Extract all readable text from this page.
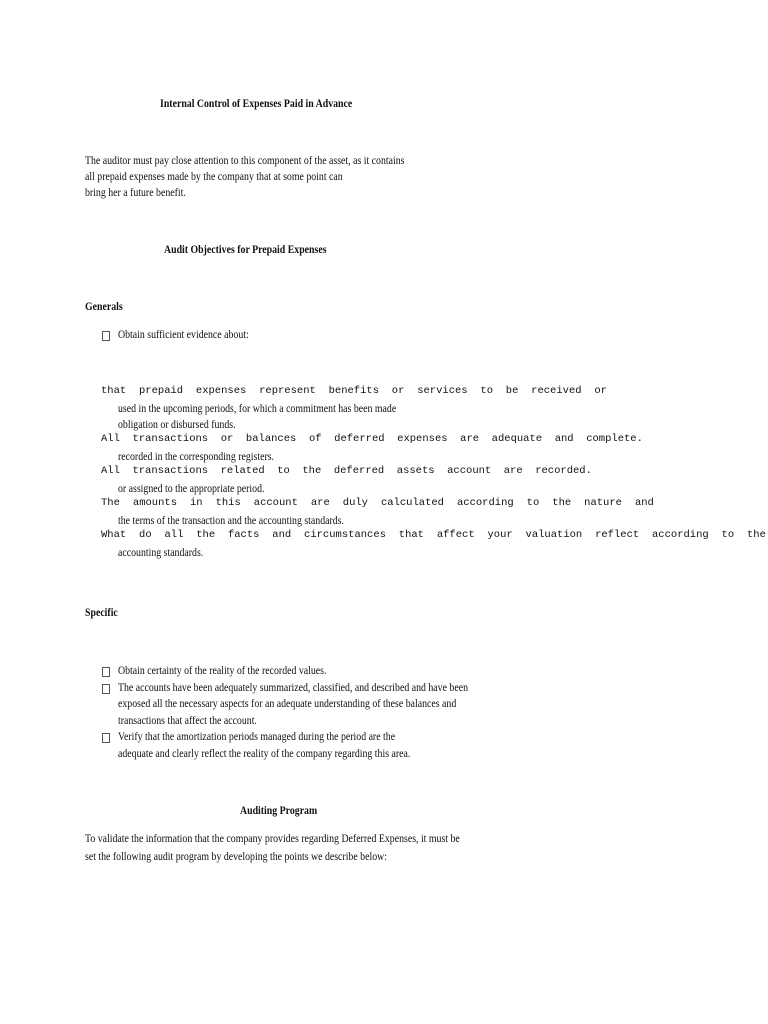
Internal Control of Expenses Paid in Advance
The auditor must pay close attention to this component of the asset, as it contains
all prepaid expenses made by the company that at some point can
bring her a future benefit.
Audit Objectives for Prepaid Expenses
Generals
Obtain sufficient evidence about:
that prepaid expenses represent benefits or services to be received or
used in the upcoming periods, for which a commitment has been made
obligation or disbursed funds.
All transactions or balances of deferred expenses are adequate and complete.
recorded in the corresponding registers.
All transactions related to the deferred assets account are recorded.
or assigned to the appropriate period.
The amounts in this account are duly calculated according to the nature and
the terms of the transaction and the accounting standards.
What do all the facts and circumstances that affect your valuation reflect according to the
accounting standards.
Specific
Obtain certainty of the reality of the recorded values.
The accounts have been adequately summarized, classified, and described and have been
exposed all the necessary aspects for an adequate understanding of these balances and
transactions that affect the account.
Verify that the amortization periods managed during the period are the
adequate and clearly reflect the reality of the company regarding this area.
Auditing Program
To validate the information that the company provides regarding Deferred Expenses, it must be
set the following audit program by developing the points we describe below:
